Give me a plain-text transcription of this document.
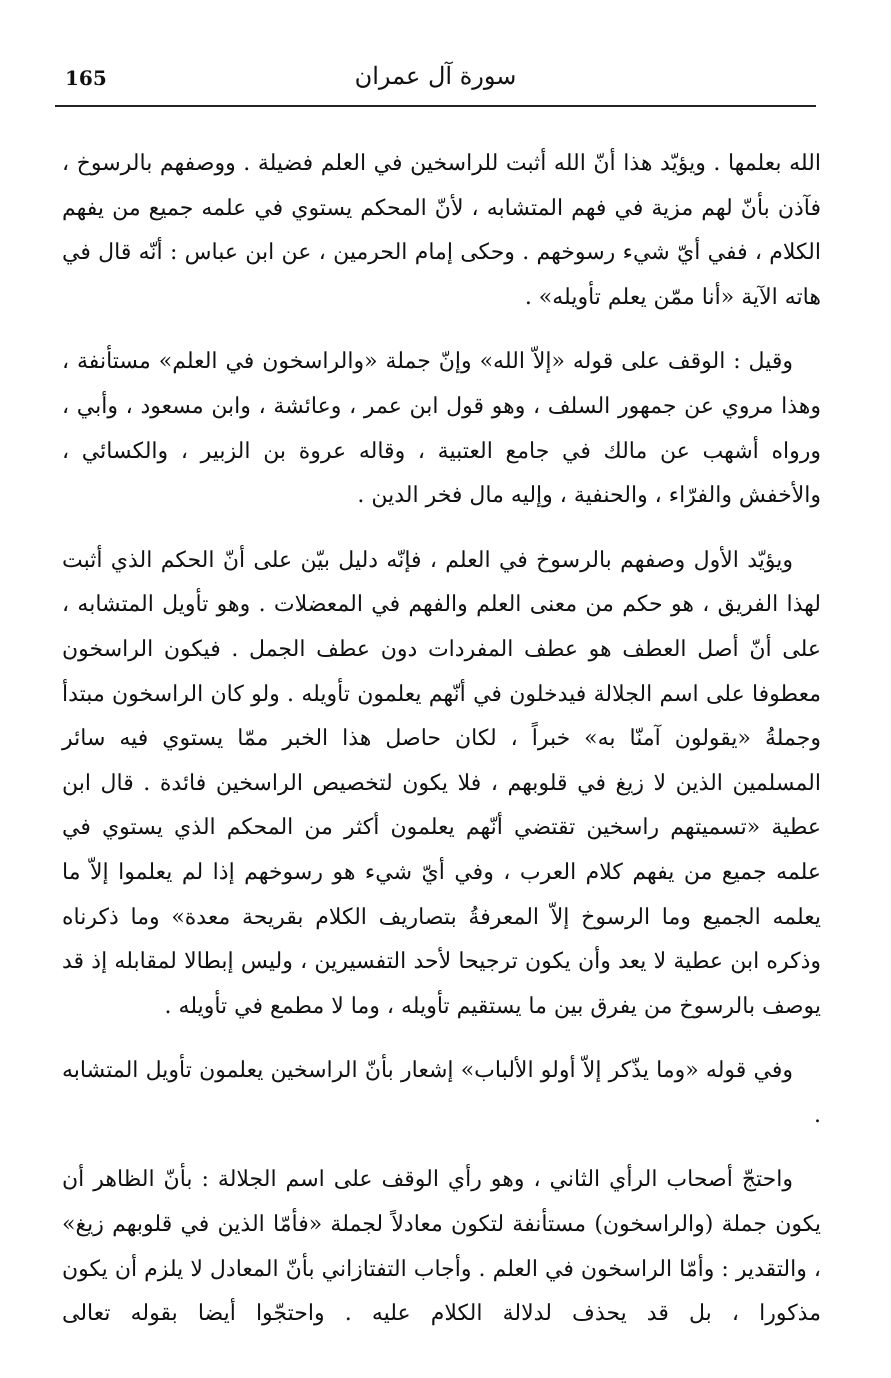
165	سورة آل عمران

الله بعلمها . ويؤيّد هذا أنّ الله أثبت للراسخين في العلم فضيلة . ووصفهم بالرسوخ ، فآذن بأنّ لهم مزية في فهم المتشابه ، لأنّ المحكم يستوي في علمه جميع من يفهم الكلام ، ففي أيّ شيء رسوخهم . وحكى إمام الحرمين ، عن ابن عباس : أنّه قال في هاته الآية «أنا ممّن يعلم تأويله» .

وقيل : الوقف على قوله «إلاّ الله» وإنّ جملة «والراسخون في العلم» مستأنفة ، وهذا مروي عن جمهور السلف ، وهو قول ابن عمر ، وعائشة ، وابن مسعود ، وأبي ، ورواه أشهب عن مالك في جامع العتبية ، وقاله عروة بن الزبير ، والكسائي ، والأخفش والفرّاء ، والحنفية ، وإليه مال فخر الدين .

ويؤيّد الأول وصفهم بالرسوخ في العلم ، فإنّه دليل بيّن على أنّ الحكم الذي أثبت لهذا الفريق ، هو حكم من معنى العلم والفهم في المعضلات . وهو تأويل المتشابه ، على أنّ أصل العطف هو عطف المفردات دون عطف الجمل . فيكون الراسخون معطوفا على اسم الجلالة فيدخلون في أنّهم يعلمون تأويله . ولو كان الراسخون مبتدأ وجملةُ «يقولون آمنّا به» خبراً ، لكان حاصل هذا الخبر ممّا يستوي فيه سائر المسلمين الذين لا زيغ في قلوبهم ، فلا يكون لتخصيص الراسخين فائدة . قال ابن عطية «تسميتهم راسخين تقتضي أنّهم يعلمون أكثر من المحكم الذي يستوي في علمه جميع من يفهم كلام العرب ، وفي أيّ شيء هو رسوخهم إذا لم يعلموا إلاّ ما يعلمه الجميع وما الرسوخ إلاّ المعرفةُ بتصاريف الكلام بقريحة معدة» وما ذكرناه وذكره ابن عطية لا يعد وأن يكون ترجيحا لأحد التفسيرين ، وليس إبطالا لمقابله إذ قد يوصف بالرسوخ من يفرق بين ما يستقيم تأويله ، وما لا مطمع في تأويله .

وفي قوله «وما يذّكر إلاّ أولو الألباب» إشعار بأنّ الراسخين يعلمون تأويل المتشابه .

واحتجّ أصحاب الرأي الثاني ، وهو رأي الوقف على اسم الجلالة : بأنّ الظاهر أن يكون جملة (والراسخون) مستأنفة لتكون معادلاً لجملة «فأمّا الذين في قلوبهم زيغ» ، والتقدير : وأمّا الراسخون في العلم . وأجاب التفتازاني بأنّ المعادل لا يلزم أن يكون مذكورا ، بل قد يحذف لدلالة الكلام عليه . واحتجّوا أيضا بقوله تعالى
